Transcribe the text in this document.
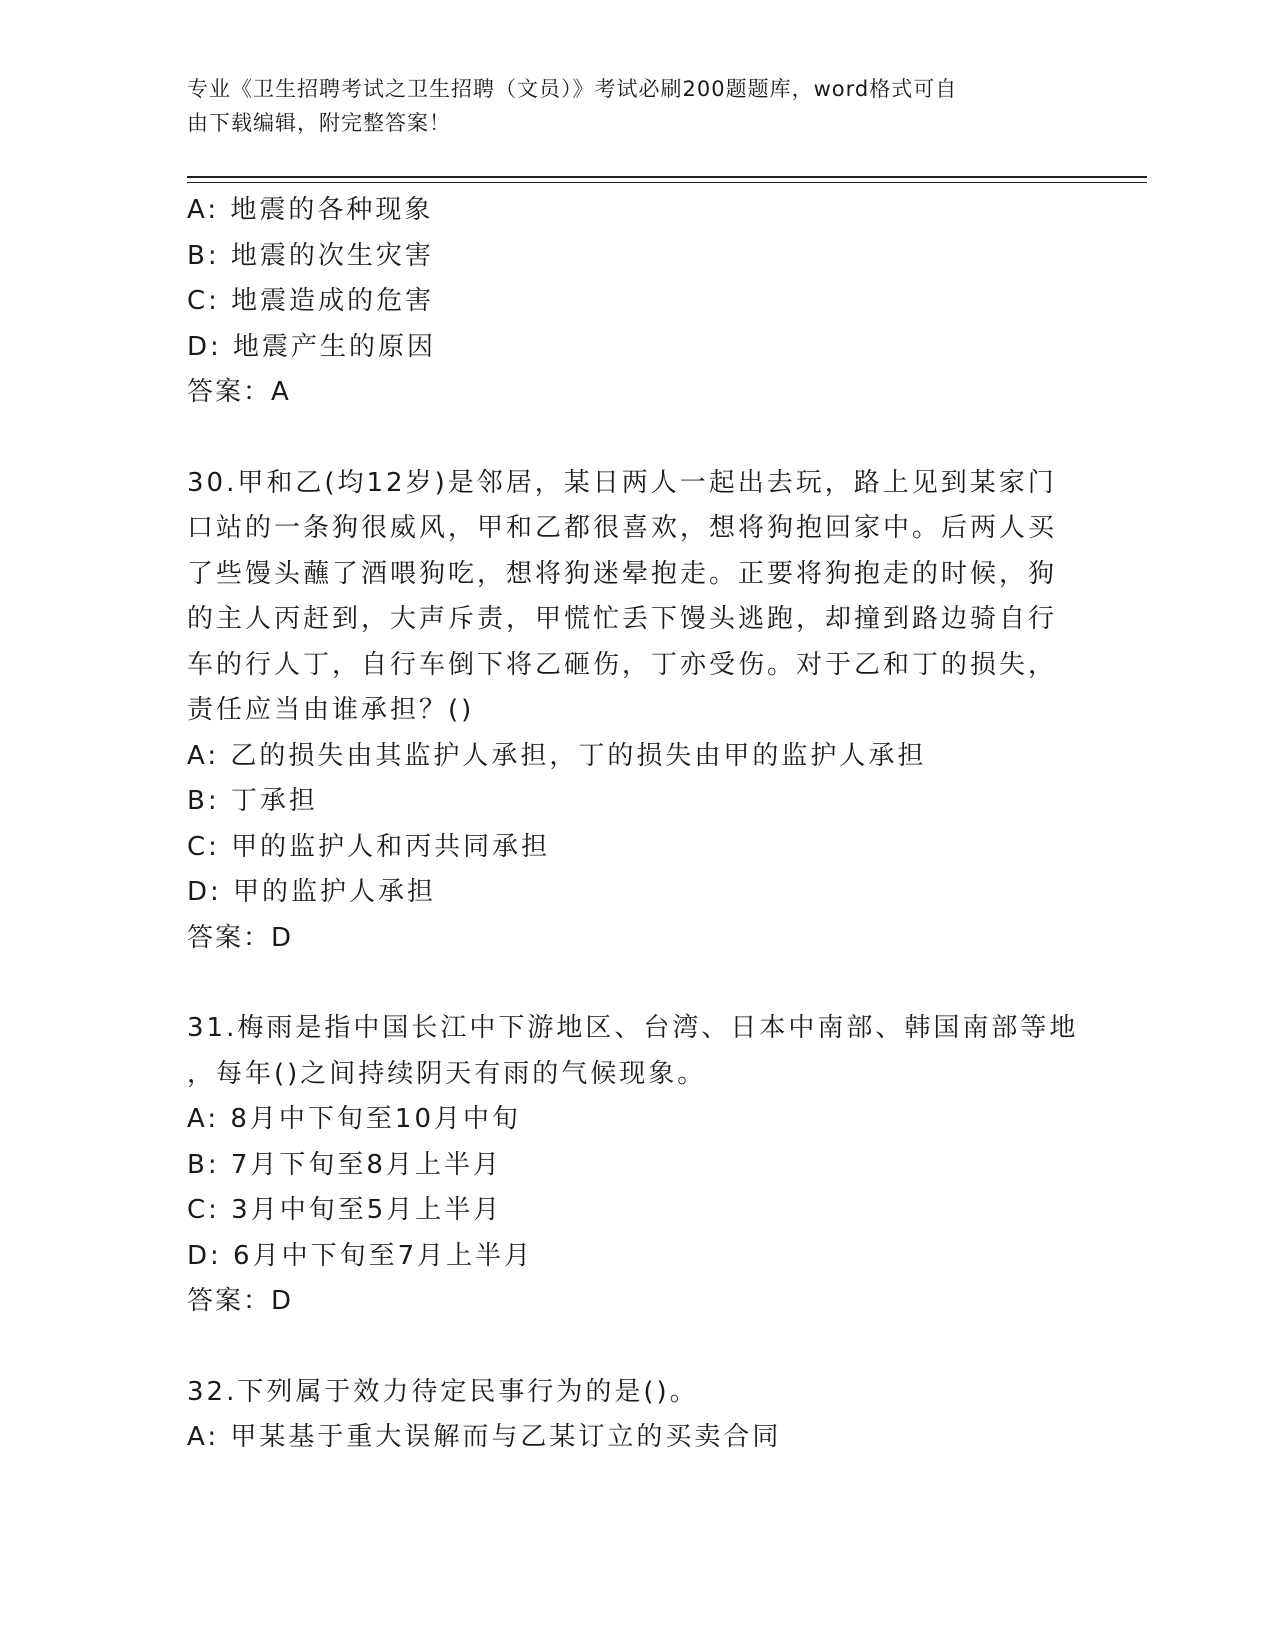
专业《卫生招聘考试之卫生招聘（文员）》考试必刷200题题库，word格式可自
由下载编辑，附完整答案！
A: 地震的各种现象
B: 地震的次生灾害
C: 地震造成的危害
D: 地震产生的原因
答案：A
30.甲和乙(均12岁)是邻居，某日两人一起出去玩，路上见到某家门
口站的一条狗很威风，甲和乙都很喜欢，想将狗抱回家中。后两人买
了些馒头蘸了酒喂狗吃，想将狗迷晕抱走。正要将狗抱走的时候，狗
的主人丙赶到，大声斥责，甲慌忙丢下馒头逃跑，却撞到路边骑自行
车的行人丁，自行车倒下将乙砸伤，丁亦受伤。对于乙和丁的损失，
责任应当由谁承担？()
A: 乙的损失由其监护人承担，丁的损失由甲的监护人承担
B: 丁承担
C: 甲的监护人和丙共同承担
D: 甲的监护人承担
答案：D
31.梅雨是指中国长江中下游地区、台湾、日本中南部、韩国南部等地
，每年()之间持续阴天有雨的气候现象。
A: 8月中下旬至10月中旬
B: 7月下旬至8月上半月
C: 3月中旬至5月上半月
D: 6月中下旬至7月上半月
答案：D
32.下列属于效力待定民事行为的是()。
A: 甲某基于重大误解而与乙某订立的买卖合同
